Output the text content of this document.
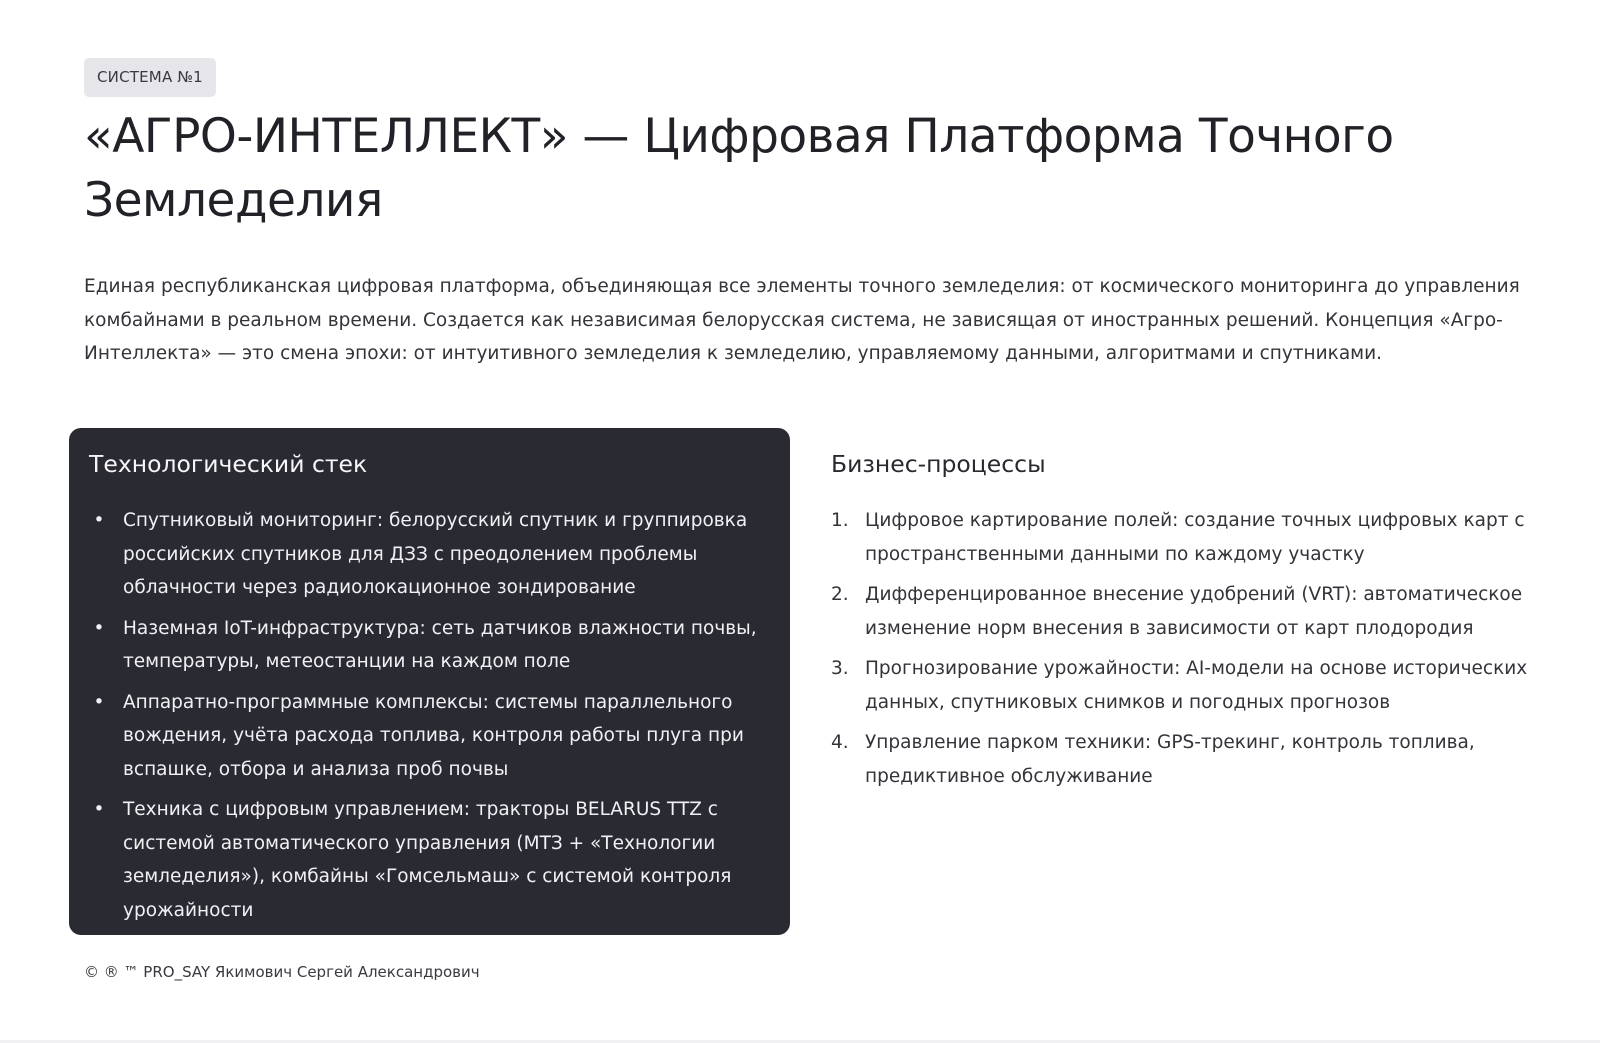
СИСТЕМА №1
«АГРО-ИНТЕЛЛЕКТ» — Цифровая Платформа Точного Земледелия

Единая республиканская цифровая платформа, объединяющая все элементы точного земледелия: от космического мониторинга до управления комбайнами в реальном времени. Создается как независимая белорусская система, не зависящая от иностранных решений. Концепция «Агро-Интеллекта» — это смена эпохи: от интуитивного земледелия к земледелию, управляемому данными, алгоритмами и спутниками.

Технологический стек
• Спутниковый мониторинг: белорусский спутник и группировка российских спутников для ДЗЗ с преодолением проблемы облачности через радиолокационное зондирование
• Наземная IoT-инфраструктура: сеть датчиков влажности почвы, температуры, метеостанции на каждом поле
• Аппаратно-программные комплексы: системы параллельного вождения, учёта расхода топлива, контроля работы плуга при вспашке, отбора и анализа проб почвы
• Техника с цифровым управлением: тракторы BELARUS TTZ с системой автоматического управления (МТЗ + «Технологии земледелия»), комбайны «Гомсельмаш» с системой контроля урожайности
Бизнес-процессы
1. Цифровое картирование полей: создание точных цифровых карт с пространственными данными по каждому участку
2. Дифференцированное внесение удобрений (VRT): автоматическое изменение норм внесения в зависимости от карт плодородия
3. Прогнозирование урожайности: AI-модели на основе исторических данных, спутниковых снимков и погодных прогнозов
4. Управление парком техники: GPS-трекинг, контроль топлива, предиктивное обслуживание
© ® ™ PRO_SAY Якимович Сергей Александрович
